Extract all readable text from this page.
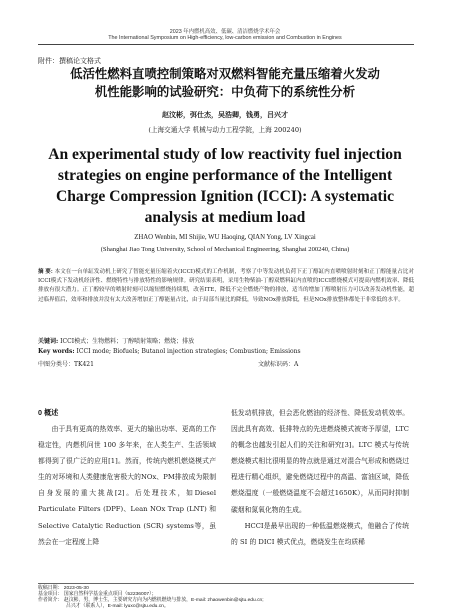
2023 年内燃机高效、低碳、清洁燃烧学术年会
The International Symposium on High-efficiency, low-carbon emission and Combustion in Engines
附件：撰稿论文格式
低活性燃料直喷控制策略对双燃料智能充量压缩着火发动
机性能影响的试验研究：中负荷下的系统性分析
赵汶彬，弭仕杰，吴浩卿，钱勇，吕兴才
(上海交通大学 机械与动力工程学院，上海 200240)
An experimental study of low reactivity fuel injection
strategies on engine performance of the Intelligent
Charge Compression Ignition (ICCI): A systematic
analysis at medium load
ZHAO Wenbin, MI Shijie, WU Haoqing, QIAN Yong, LV Xingcai
(Shanghai Jiao Tong University, School of Mechanical Engineering, Shanghai 200240, China)
摘 要: 本文在一台单缸发动机上研究了智能充量压缩着火(ICCI)模式的工作机制，考察了中等发动机负荷下正丁醇缸内直喷喷射时刻和正丁醇能量占比对ICCI模式下发动机经济性、燃烧特性与排放特性的影响规律。研究结果表明，采用生物柴油-丁醇双燃料缸内直喷的ICCI燃烧模式可提高内燃机效率、降低排放有很大潜力。正丁醇较早的喷射时刻可以缩短燃烧持续期，改善ITE，降低不完全燃烧产物的排放，适当的增加丁醇喷射压力可以改善发动机性能，超过临界值后，效率和排放并没有太大改善增加正丁醇能量占比，由于局部当量比的降低，导致NOx排放降低，但是NOx排放整体都处于非常低的水平。
关键词: ICCI模式；生物燃料；丁醇喷射策略；燃烧；排放
Key words: ICCI mode; Biofuels; Butanol injection strategies; Combustion; Emissions
中图分类号：TK421	文献标识码：A
0 概述

由于具有更高的热效率、更大的输出功率、更高的工作稳定性，内燃机问世 100 多年来，在人类生产、生活领域都得到了很广泛的应用[1]。然而，传统内燃机燃烧模式产生的对环境和人类健康危害极大的NOx、PM排放成为限制自身发展的重大挑战[2]。后处理技术，如Diesel Particulate Filters (DPF)、Lean NOx Trap (LNT) 和 Selective Catalytic Reduction (SCR) systems等，虽然会在一定程度上降

低发动机排放，但会恶化燃油的经济性、降低发动机效率。因此具有高效、低排特点的先进燃烧模式被寄予厚望，LTC 的概念也越发引起人们的关注和研究[3]。LTC 模式与传统燃烧模式相比很明显的特点就是通过对混合气形成和燃烧过程进行精心组织，避免燃烧过程中的高温、富油区域，降低燃烧温度（一般燃烧温度不会超过1650K），从而同时抑制碳烟和氮氧化物的生成。

HCCI是最早出现的一种低温燃烧模式，他融合了传统的 SI 的 DICI 模式优点，燃烧发生在均质稀

收稿日期： 2023-05-30
基金项目： 国家自然科学基金重点项目（52236007）；
作者简介： 赵汶彬，男，博士生，主要研究方向为内燃机燃烧与排放，E-mail: zhaowenbin@sjtu.edu.cn;
吕兴才（联系人），E-mail: lyuxc@sjtu.edu.cn。
